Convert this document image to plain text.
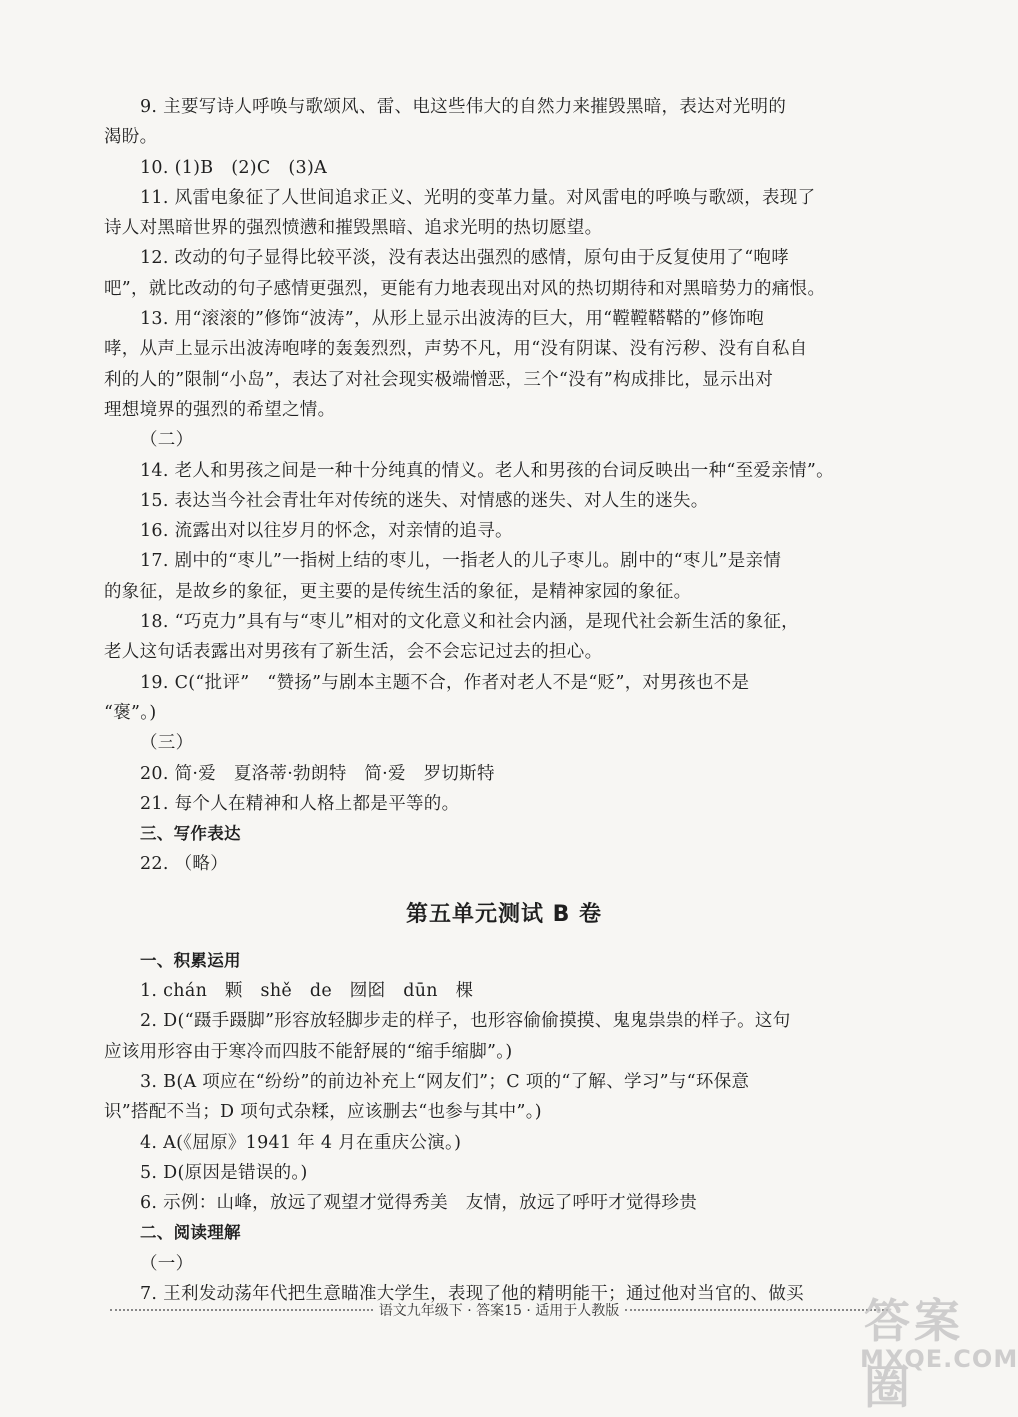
9. 主要写诗人呼唤与歌颂风、雷、电这些伟大的自然力来摧毁黑暗，表达对光明的
渴盼。
10. (1)B　(2)C　(3)A
11. 风雷电象征了人世间追求正义、光明的变革力量。对风雷电的呼唤与歌颂，表现了
诗人对黑暗世界的强烈愤懑和摧毁黑暗、追求光明的热切愿望。
12. 改动的句子显得比较平淡，没有表达出强烈的感情，原句由于反复使用了“咆哮
吧”，就比改动的句子感情更强烈，更能有力地表现出对风的热切期待和对黑暗势力的痛恨。
13. 用“滚滚的”修饰“波涛”，从形上显示出波涛的巨大，用“鞺鞺鞳鞳的”修饰咆
哮，从声上显示出波涛咆哮的轰轰烈烈，声势不凡，用“没有阴谋、没有污秽、没有自私自
利的人的”限制“小岛”，表达了对社会现实极端憎恶，三个“没有”构成排比，显示出对
理想境界的强烈的希望之情。
（二）
14. 老人和男孩之间是一种十分纯真的情义。老人和男孩的台词反映出一种“至爱亲情”。
15. 表达当今社会青壮年对传统的迷失、对情感的迷失、对人生的迷失。
16. 流露出对以往岁月的怀念，对亲情的追寻。
17. 剧中的“枣儿”一指树上结的枣儿，一指老人的儿子枣儿。剧中的“枣儿”是亲情
的象征，是故乡的象征，更主要的是传统生活的象征，是精神家园的象征。
18. “巧克力”具有与“枣儿”相对的文化意义和社会内涵，是现代社会新生活的象征，
老人这句话表露出对男孩有了新生活，会不会忘记过去的担心。
19. C(“批评”　“赞扬”与剧本主题不合，作者对老人不是“贬”，对男孩也不是
“褒”。)
（三）
20. 简·爱　夏洛蒂·勃朗特　简·爱　罗切斯特
21. 每个人在精神和人格上都是平等的。
三、写作表达
22. （略）
第五单元测试 B 卷
一、积累运用
1. chán　颗　shě　de　囫囵　dūn　棵
2. D(“蹑手蹑脚”形容放轻脚步走的样子，也形容偷偷摸摸、鬼鬼祟祟的样子。这句
应该用形容由于寒冷而四肢不能舒展的“缩手缩脚”。)
3. B(A 项应在“纷纷”的前边补充上“网友们”；C 项的“了解、学习”与“环保意
识”搭配不当；D 项句式杂糅，应该删去“也参与其中”。)
4. A(《屈原》1941 年 4 月在重庆公演。)
5. D(原因是错误的。)
6. 示例：山峰，放远了观望才觉得秀美　友情，放远了呼吁才觉得珍贵
二、阅读理解
（一）
7. 王利发动荡年代把生意瞄准大学生，表现了他的精明能干；通过他对当官的、做买
语文九年级下 · 答案15 · 适用于人教版	答案圈
MXQE.COM
